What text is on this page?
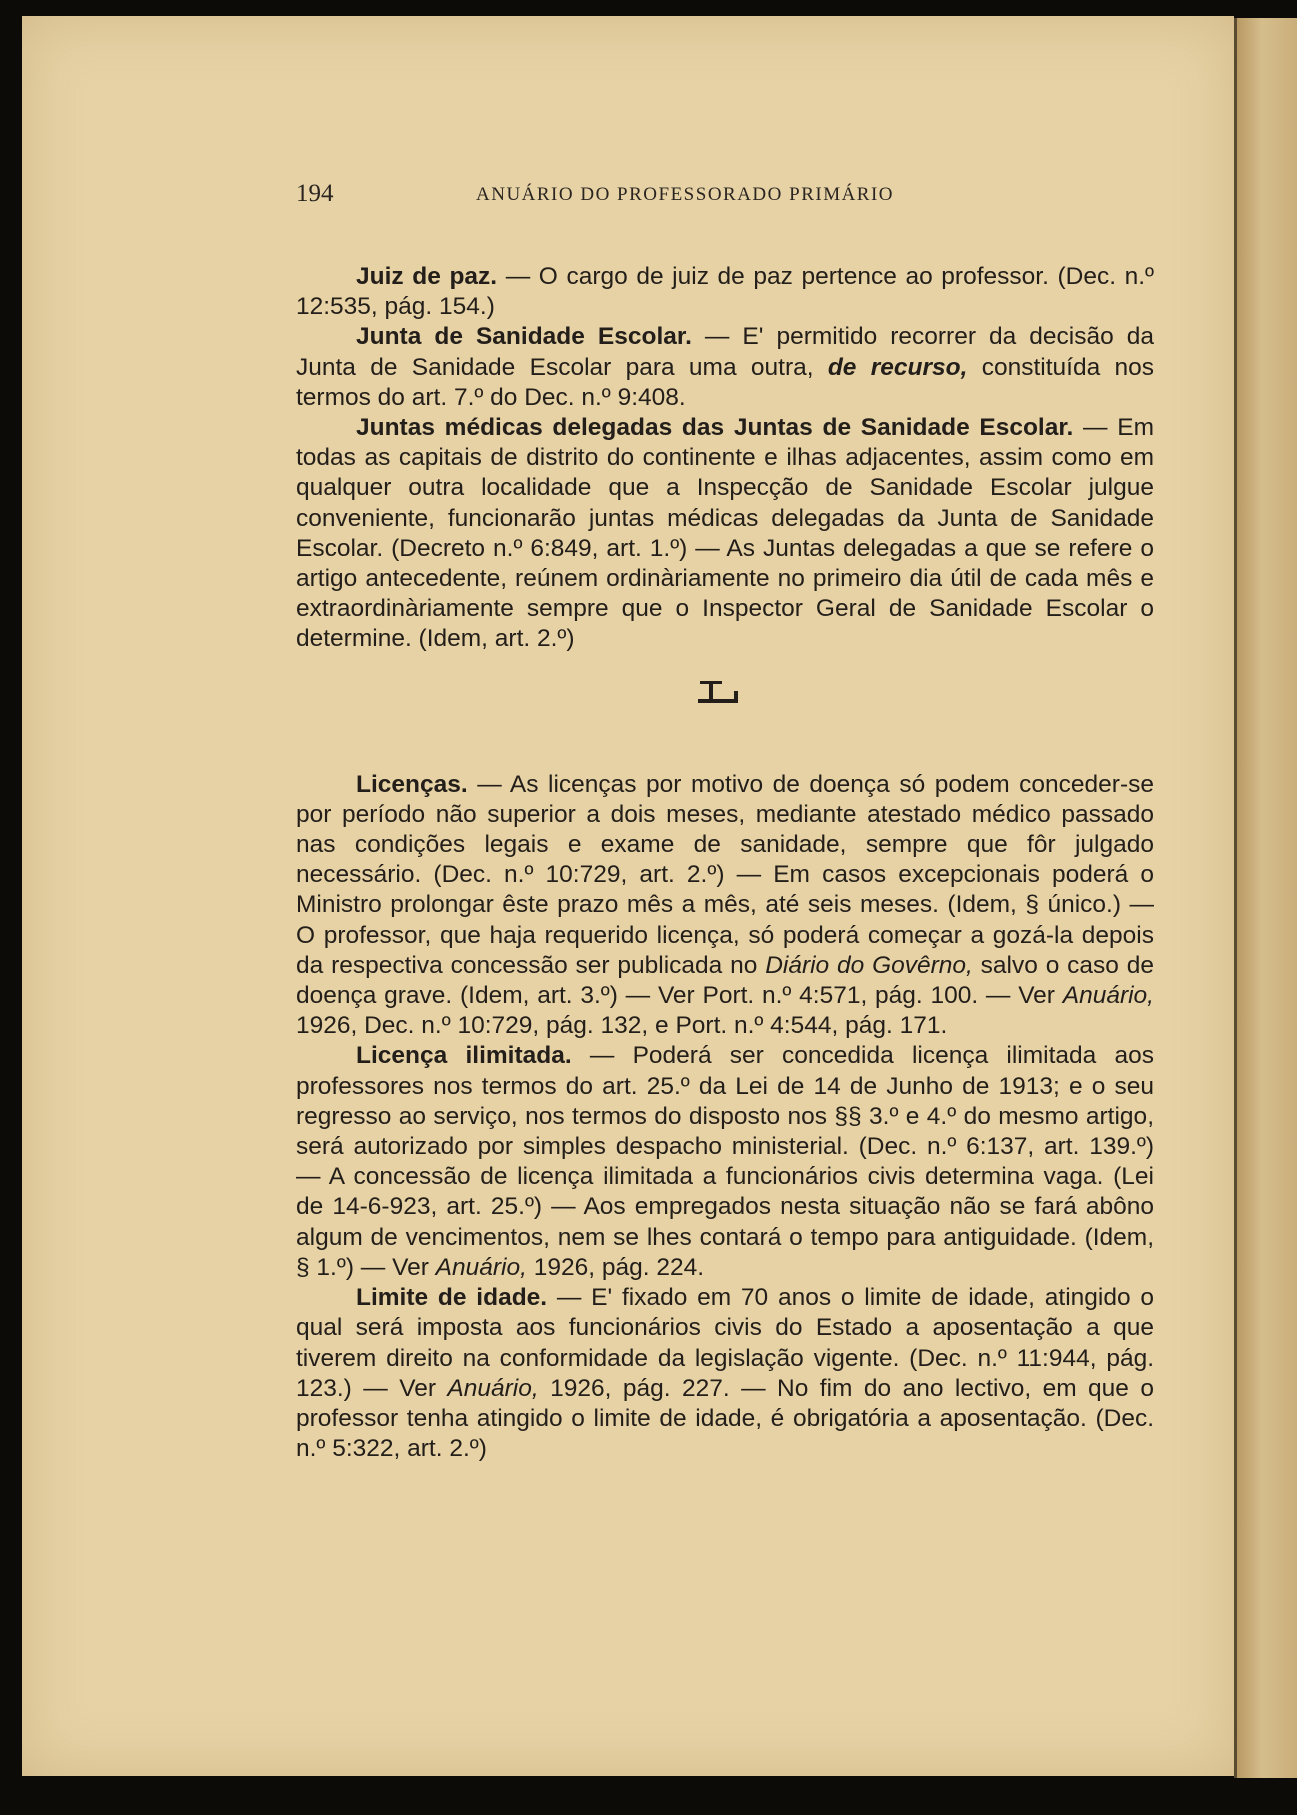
194	ANUÁRIO DO PROFESSORADO PRIMÁRIO

Juiz de paz. — O cargo de juiz de paz pertence ao professor. (Dec. n.º 12:535, pág. 154.)

Junta de Sanidade Escolar. — E' permitido recorrer da decisão da Junta de Sanidade Escolar para uma outra, de recurso, constituída nos termos do art. 7.º do Dec. n.º 9:408.

Juntas médicas delegadas das Juntas de Sanidade Escolar. — Em todas as capitais de distrito do continente e ilhas adjacentes, assim como em qualquer outra localidade que a Inspecção de Sanidade Escolar julgue conveniente, funcionarão juntas médicas delegadas da Junta de Sanidade Escolar. (Decreto n.º 6:849, art. 1.º) — As Juntas delegadas a que se refere o artigo antecedente, reúnem ordinàriamente no primeiro dia útil de cada mês e extraordinàriamente sempre que o Inspector Geral de Sanidade Escolar o determine. (Idem, art. 2.º)

Licenças. — As licenças por motivo de doença só podem conceder-se por período não superior a dois meses, mediante atestado médico passado nas condições legais e exame de sanidade, sempre que fôr julgado necessário. (Dec. n.º 10:729, art. 2.º) — Em casos excepcionais poderá o Ministro prolongar êste prazo mês a mês, até seis meses. (Idem, § único.) — O professor, que haja requerido licença, só poderá começar a gozá-la depois da respectiva concessão ser publicada no Diário do Govêrno, salvo o caso de doença grave. (Idem, art. 3.º) — Ver Port. n.º 4:571, pág. 100. — Ver Anuário, 1926, Dec. n.º 10:729, pág. 132, e Port. n.º 4:544, pág. 171.

Licença ilimitada. — Poderá ser concedida licença ilimitada aos professores nos termos do art. 25.º da Lei de 14 de Junho de 1913; e o seu regresso ao serviço, nos termos do disposto nos §§ 3.º e 4.º do mesmo artigo, será autorizado por simples despacho ministerial. (Dec. n.º 6:137, art. 139.º) — A concessão de licença ilimitada a funcionários civis determina vaga. (Lei de 14-6-923, art. 25.º) — Aos empregados nesta situação não se fará abôno algum de vencimentos, nem se lhes contará o tempo para antiguidade. (Idem, § 1.º) — Ver Anuário, 1926, pág. 224.

Limite de idade. — E' fixado em 70 anos o limite de idade, atingido o qual será imposta aos funcionários civis do Estado a aposentação a que tiverem direito na conformidade da legislação vigente. (Dec. n.º 11:944, pág. 123.) — Ver Anuário, 1926, pág. 227. — No fim do ano lectivo, em que o professor tenha atingido o limite de idade, é obrigatória a aposentação. (Dec. n.º 5:322, art. 2.º)
